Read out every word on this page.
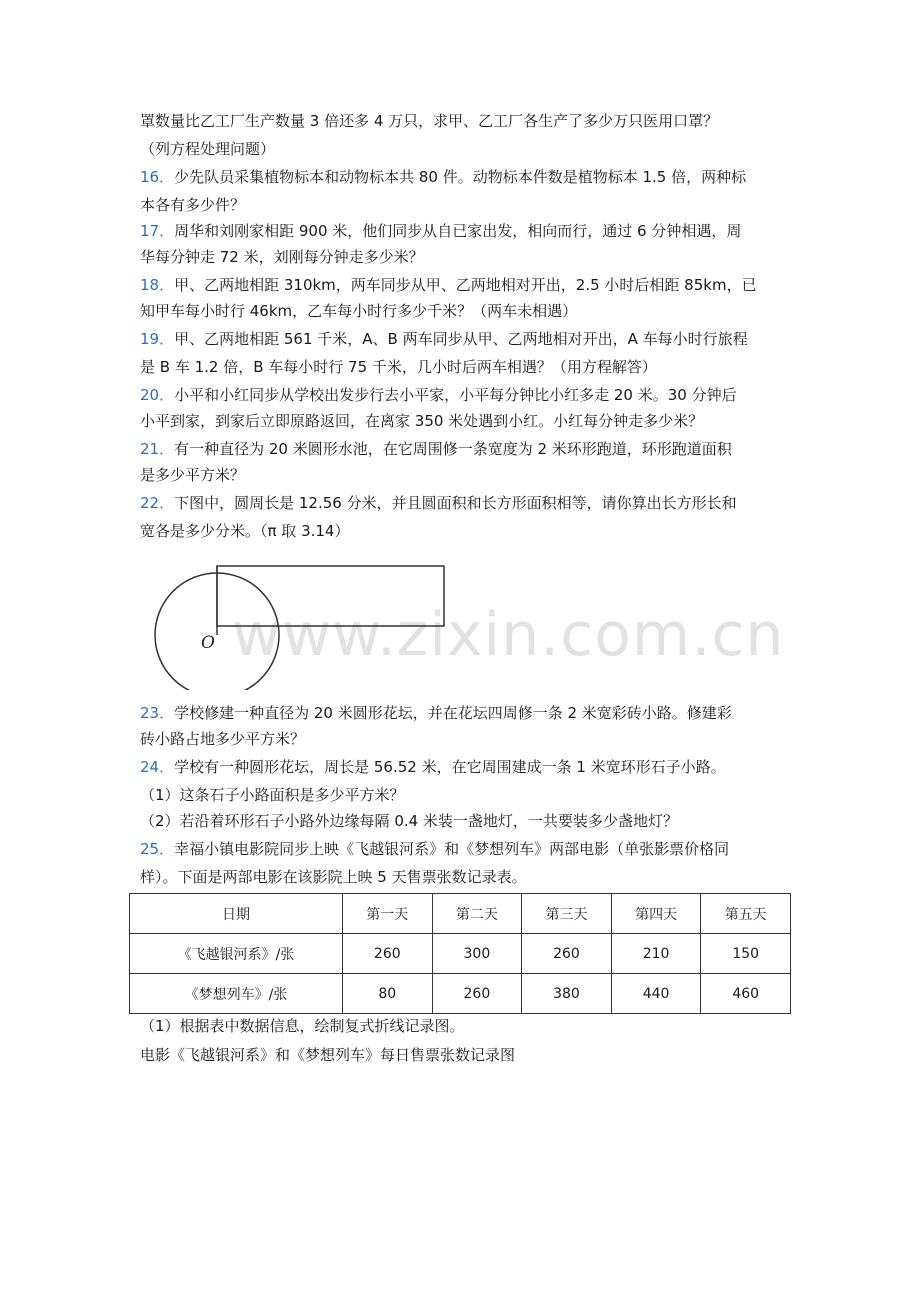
www.zixin.com.cn
罩数量比乙工厂生产数量 3 倍还多 4 万只，求甲、乙工厂各生产了多少万只医用口罩？
（列方程处理问题）
16．少先队员采集植物标本和动物标本共 80 件。动物标本件数是植物标本 1.5 倍，两种标
本各有多少件？
17．周华和刘刚家相距 900 米，他们同步从自已家出发，相向而行，通过 6 分钟相遇，周
华每分钟走 72 米，刘刚每分钟走多少米？
18．甲、乙两地相距 310km，两车同步从甲、乙两地相对开出，2.5 小时后相距 85km，已
知甲车每小时行 46km，乙车每小时行多少千米？（两车未相遇）
19．甲、乙两地相距 561 千米，A、B 两车同步从甲、乙两地相对开出，A 车每小时行旅程
是 B 车 1.2 倍，B 车每小时行 75 千米，几小时后两车相遇？（用方程解答）
20．小平和小红同步从学校出发步行去小平家，小平每分钟比小红多走 20 米。30 分钟后
小平到家，到家后立即原路返回，在离家 350 米处遇到小红。小红每分钟走多少米？
21．有一种直径为 20 米圆形水池，在它周围修一条宽度为 2 米环形跑道，环形跑道面积
是多少平方米？
22．下图中，圆周长是 12.56 分米，并且圆面积和长方形面积相等，请你算出长方形长和
宽各是多少分米。（π 取 3.14）
O
23．学校修建一种直径为 20 米圆形花坛，并在花坛四周修一条 2 米宽彩砖小路。修建彩
砖小路占地多少平方米？
24．学校有一种圆形花坛，周长是 56.52 米，在它周围建成一条 1 米宽环形石子小路。
（1）这条石子小路面积是多少平方米？
（2）若沿着环形石子小路外边缘每隔 0.4 米装一盏地灯，一共要装多少盏地灯？
25．幸福小镇电影院同步上映《飞越银河系》和《梦想列车》两部电影（单张影票价格同
样）。下面是两部电影在该影院上映 5 天售票张数记录表。
日期	第一天	第二天	第三天	第四天	第五天
《飞越银河系》/张	260	300	260	210	150
《梦想列车》/张	80	260	380	440	460
（1）根据表中数据信息，绘制复式折线记录图。
电影《飞越银河系》和《梦想列车》每日售票张数记录图
